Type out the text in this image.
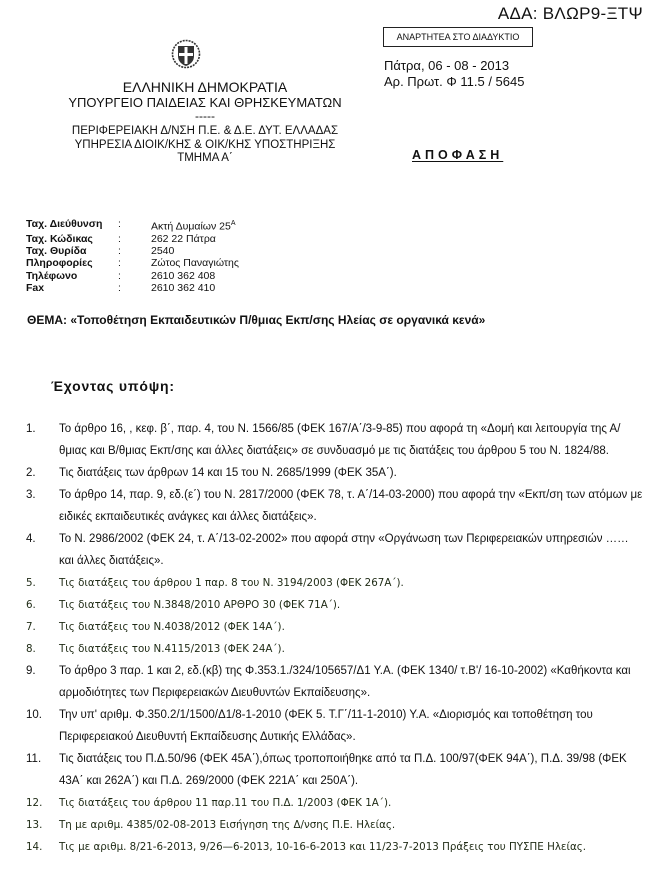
ΑΔΑ: ΒΛΩΡ9-ΞΤΨ
ΑΝΑΡΤΗΤΕΑ ΣΤΟ ΔΙΑΔΥΚΤΙΟ
Πάτρα, 06 - 08 - 2013
Αρ. Πρωτ. Φ 11.5 / 5645
ΕΛΛΗΝΙΚΗ ΔΗΜΟΚΡΑΤΙΑ
ΥΠΟΥΡΓΕΙΟ ΠΑΙΔΕΙΑΣ ΚΑΙ ΘΡΗΣΚΕΥΜΑΤΩΝ
-----
ΠΕΡΙΦΕΡΕΙΑΚΗ Δ/ΝΣΗ Π.Ε. & Δ.Ε. ΔΥΤ. ΕΛΛΑΔΑΣ
ΥΠΗΡΕΣΙΑ ΔΙΟΙΚ/ΚΗΣ & ΟΙΚ/ΚΗΣ ΥΠΟΣΤΗΡΙΞΗΣ
ΤΜΗΜΑ Α΄	ΑΠΟΦΑΣΗ
Ταχ. Διεύθυνση	:	Ακτή Δυμαίων $25^A$
Ταχ. Κώδικας	:	262 22 Πάτρα
Ταχ. Θυρίδα	:	2540
Πληροφορίες	:	Ζώτος Παναγιώτης
Τηλέφωνο	:	2610 362 408
Fax	:	2610 362 410
ΘΕΜΑ: «Τοποθέτηση Εκπαιδευτικών Π/θμιας Εκπ/σης Ηλείας σε οργανικά κενά»
Έχοντας υπόψη:
1.	Το άρθρο 16, , κεφ. β΄, παρ. 4, του Ν. 1566/85 (ΦΕΚ 167/Α΄/3-9-85) που αφορά τη «Δομή και λειτουργία της Α/θμιας και Β/θμιας Εκπ/σης και άλλες διατάξεις» σε συνδυασμό με τις διατάξεις του άρθρου 5 του Ν. 1824/88.
2.	Τις διατάξεις των άρθρων 14 και 15 του Ν. 2685/1999 (ΦΕΚ 35Α΄).
3.	Το άρθρο 14, παρ. 9, εδ.(ε΄) του Ν. 2817/2000 (ΦΕΚ 78, τ. Α΄/14-03-2000) που αφορά την «Εκπ/ση των ατόμων με ειδικές εκπαιδευτικές ανάγκες και άλλες διατάξεις».
4.	Το Ν. 2986/2002 (ΦΕΚ 24, τ. Α΄/13-02-2002» που αφορά στην «Οργάνωση των Περιφερειακών υπηρεσιών …… και άλλες διατάξεις».
5.	Τις διατάξεις του άρθρου 1 παρ. 8 του Ν. 3194/2003 (ΦΕΚ 267Α΄).
6.	Τις διατάξεις του Ν.3848/2010 ΑΡΘΡΟ 30 (ΦΕΚ 71Α΄).
7.	Τις διατάξεις του Ν.4038/2012 (ΦΕΚ 14Α΄).
8.	Τις διατάξεις του Ν.4115/2013 (ΦΕΚ 24Α΄).
9.	Το άρθρο 3 παρ. 1 και 2, εδ.(κβ) της Φ.353.1./324/105657/Δ1 Υ.Α. (ΦΕΚ 1340/ τ.Β'/ 16-10-2002) «Καθήκοντα και αρμοδιότητες των Περιφερειακών Διευθυντών Εκπαίδευσης».
10.	Την υπ' αριθμ. Φ.350.2/1/1500/Δ1/8-1-2010 (ΦΕΚ 5. Τ.Γ΄/11-1-2010) Υ.Α. «Διορισμός και τοποθέτηση του Περιφερειακού Διευθυντή Εκπαίδευσης Δυτικής Ελλάδας».
11.	Τις διατάξεις του Π.Δ.50/96 (ΦΕΚ 45Α΄),όπως τροποποιήθηκε από τα Π.Δ. 100/97(ΦΕΚ 94Α΄), Π.Δ. 39/98 (ΦΕΚ 43Α΄ και 262Α΄) και Π.Δ. 269/2000 (ΦΕΚ 221Α΄ και 250Α΄).
12.	Τις διατάξεις του άρθρου 11 παρ.11 του Π.Δ. 1/2003 (ΦΕΚ 1Α΄).
13.	Τη με αριθμ. 4385/02-08-2013 Εισήγηση της Δ/νσης Π.Ε. Ηλείας.
14.	Τις με αριθμ. 8/21-6-2013, 9/26—6-2013, 10-16-6-2013 και 11/23-7-2013 Πράξεις του ΠΥΣΠΕ Ηλείας.
